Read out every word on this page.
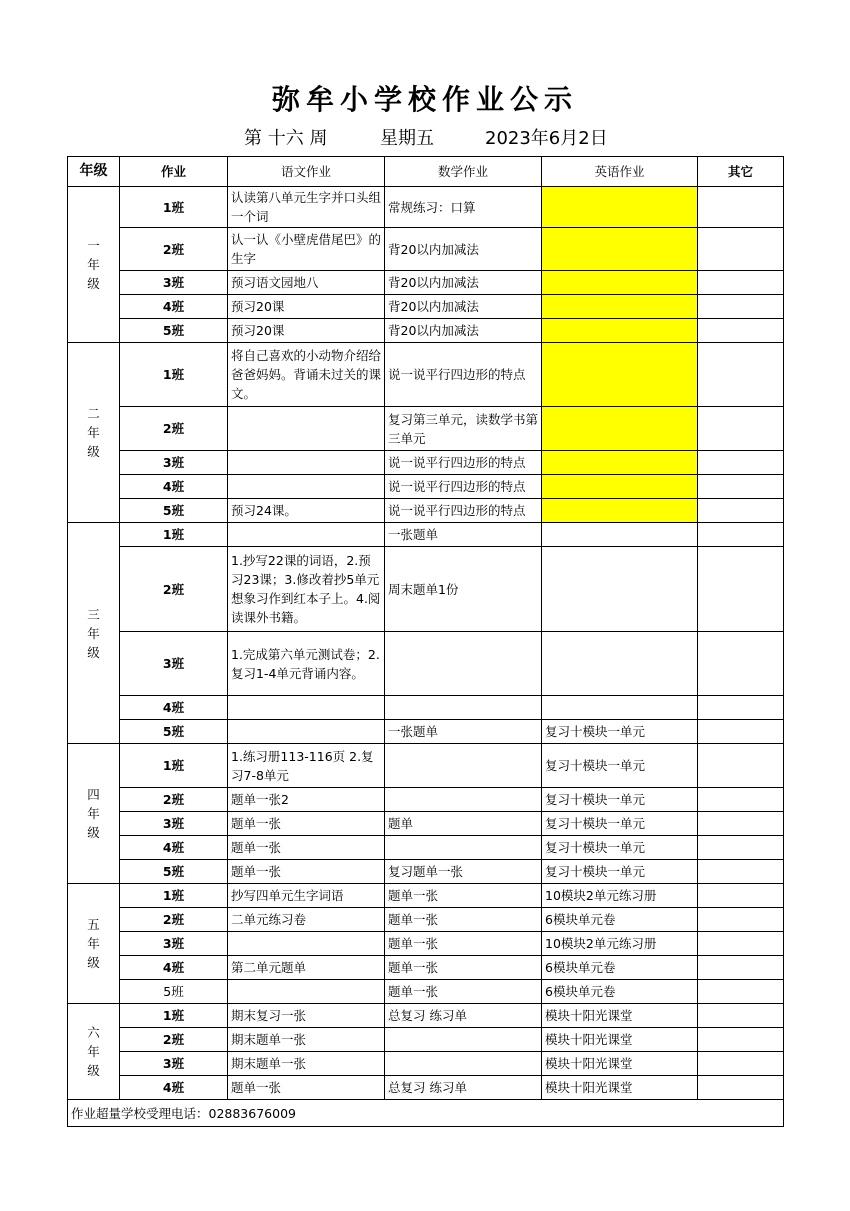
弥牟小学校作业公示
第 十六 周	星期五	2023年6月2日
年级	作业	语文作业	数学作业	英语作业	其它
一
年
级	1班	认读第八单元生字并口头组一个词	常规练习：口算		
	2班	认一认《小壁虎借尾巴》的生字	背20以内加减法		
	3班	预习语文园地八	背20以内加减法		
	4班	预习20课	背20以内加减法		
	5班	预习20课	背20以内加减法		
二
年
级	1班	将自己喜欢的小动物介绍给爸爸妈妈。背诵未过关的课文。	说一说平行四边形的特点		
	2班		复习第三单元，读数学书第三单元		
	3班		说一说平行四边形的特点		
	4班		说一说平行四边形的特点		
	5班	预习24课。	说一说平行四边形的特点		
三
年
级	1班		一张题单		
	2班	1.抄写22课的词语，2.预习23课；3.修改着抄5单元想象习作到红本子上。4.阅读课外书籍。	周末题单1份		
	3班	1.完成第六单元测试卷；2.复习1-4单元背诵内容。			
	4班				
	5班		一张题单	复习十模块一单元	
四
年
级	1班	1.练习册113-116页 2.复习7-8单元		复习十模块一单元	
	2班	题单一张2		复习十模块一单元	
	3班	题单一张	题单	复习十模块一单元	
	4班	题单一张		复习十模块一单元	
	5班	题单一张	复习题单一张	复习十模块一单元	
五
年
级	1班	抄写四单元生字词语	题单一张	10模块2单元练习册	
	2班	二单元练习卷	题单一张	6模块单元卷	
	3班		题单一张	10模块2单元练习册	
	4班	第二单元题单	题单一张	6模块单元卷	
	5班		题单一张	6模块单元卷	
六
年
级	1班	期末复习一张	总复习 练习单	模块十阳光课堂	
	2班	期末题单一张		模块十阳光课堂	
	3班	期末题单一张		模块十阳光课堂	
	4班	题单一张	总复习 练习单	模块十阳光课堂	
作业超量学校受理电话：02883676009					
